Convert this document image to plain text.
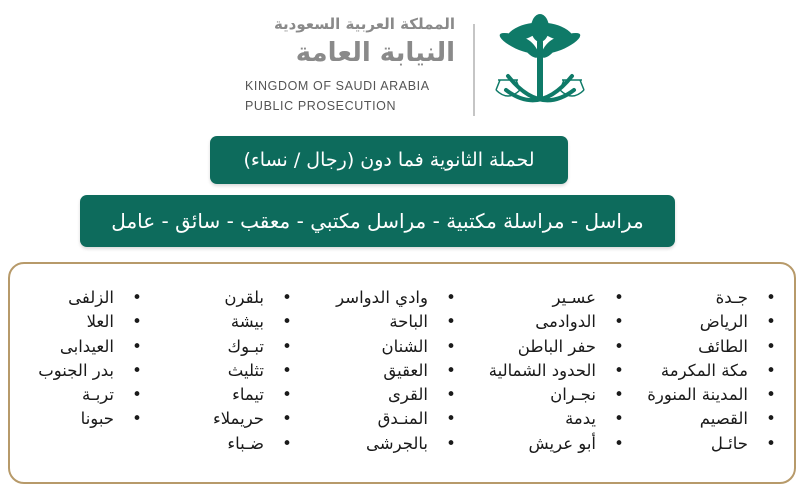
المملكة العربية السعودية
النيابة العامة
KINGDOM OF SAUDI ARABIA
PUBLIC PROSECUTION
لحملة الثانوية فما دون (رجال / نساء)
مراسل - مراسلة مكتبية - مراسل مكتبي - معقب - سائق - عامل
• جـدة
• الرياض
• الطائف
• مكة المكرمة
• المدينة المنورة
• القصيم
• حائـل
• عسـير
• الدوادمى
• حفر الباطن
• الحدود الشمالية
• نجـران
• يدمة
• أبو عريش
• وادي الدواسر
• الباحة
• الشنان
• العقيق
• القرى
• المنـدق
• بالجرشى
• بلقرن
• بيشة
• تبـوك
• تثليث
• تيماء
• حريملاء
• ضـباء
• الزلفى
• العلا
• العيدابى
• بدر الجنوب
• تربـة
• حبونا
